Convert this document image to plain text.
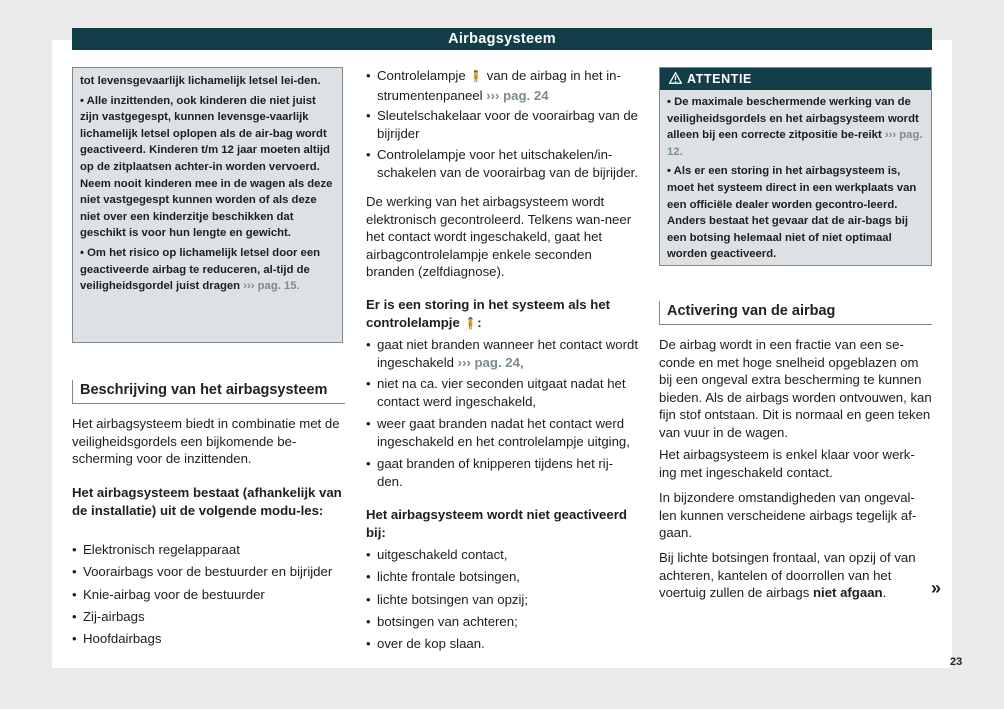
Airbagsysteem

tot levensgevaarlijk lichamelijk letsel lei-den.

• Alle inzittenden, ook kinderen die niet juist zijn vastgegespt, kunnen levensge-vaarlijk lichamelijk letsel oplopen als de air-bag wordt geactiveerd. Kinderen t/m 12 jaar moeten altijd op de zitplaatsen achter-in worden vervoerd. Neem nooit kinderen mee in de wagen als deze niet vastgegespt kunnen worden of als deze niet over een kinderzitje beschikken dat geschikt is voor hun lengte en gewicht.

• Om het risico op lichamelijk letsel door een geactiveerde airbag te reduceren, al-tijd de veiligheidsgordel juist dragen ››› pag. 15.

Beschrijving van het airbagsysteem

Het airbagsysteem biedt in combinatie met de veiligheidsgordels een bijkomende be-scherming voor de inzittenden.

Het airbagsysteem bestaat (afhankelijk van de installatie) uit de volgende modu-les:

• Elektronisch regelapparaat

• Voorairbags voor de bestuurder en bijrijder

• Knie-airbag voor de bestuurder

• Zij-airbags

• Hoofdairbags

• Controlelampje 🧍 van de airbag in het in-strumentenpaneel ››› pag. 24

• Sleutelschakelaar voor de voorairbag van de bijrijder

• Controlelampje voor het uitschakelen/in-schakelen van de voorairbag van de bijrijder.

De werking van het airbagsysteem wordt elektronisch gecontroleerd. Telkens wan-neer het contact wordt ingeschakeld, gaat het airbagcontrolelampje enkele seconden branden (zelfdiagnose).

Er is een storing in het systeem als het controlelampje 🧍:

• gaat niet branden wanneer het contact wordt ingeschakeld ››› pag. 24,

• niet na ca. vier seconden uitgaat nadat het contact werd ingeschakeld,

• weer gaat branden nadat het contact werd ingeschakeld en het controlelampje uitging,

• gaat branden of knipperen tijdens het rij-den.

Het airbagsysteem wordt niet geactiveerd bij:

• uitgeschakeld contact,

• lichte frontale botsingen,

• lichte botsingen van opzij;

• botsingen van achteren;

• over de kop slaan.

ATTENTIE

• De maximale beschermende werking van de veiligheidsgordels en het airbagsysteem wordt alleen bij een correcte zitpositie be-reikt ››› pag. 12.

• Als er een storing in het airbagsysteem is, moet het systeem direct in een werkplaats van een officiële dealer worden gecontro-leerd. Anders bestaat het gevaar dat de air-bags bij een botsing helemaal niet of niet optimaal worden geactiveerd.

Activering van de airbag

De airbag wordt in een fractie van een se-conde en met hoge snelheid opgeblazen om bij een ongeval extra bescherming te kunnen bieden. Als de airbags worden ontvouwen, kan fijn stof ontstaan. Dit is normaal en geen teken van vuur in de wagen.

Het airbagsysteem is enkel klaar voor werk-ing met ingeschakeld contact.

In bijzondere omstandigheden van ongeval-len kunnen verscheidene airbags tegelijk af-gaan.

Bij lichte botsingen frontaal, van opzij of van achteren, kantelen of doorrollen van het voertuig zullen de airbags niet afgaan.	»
23
